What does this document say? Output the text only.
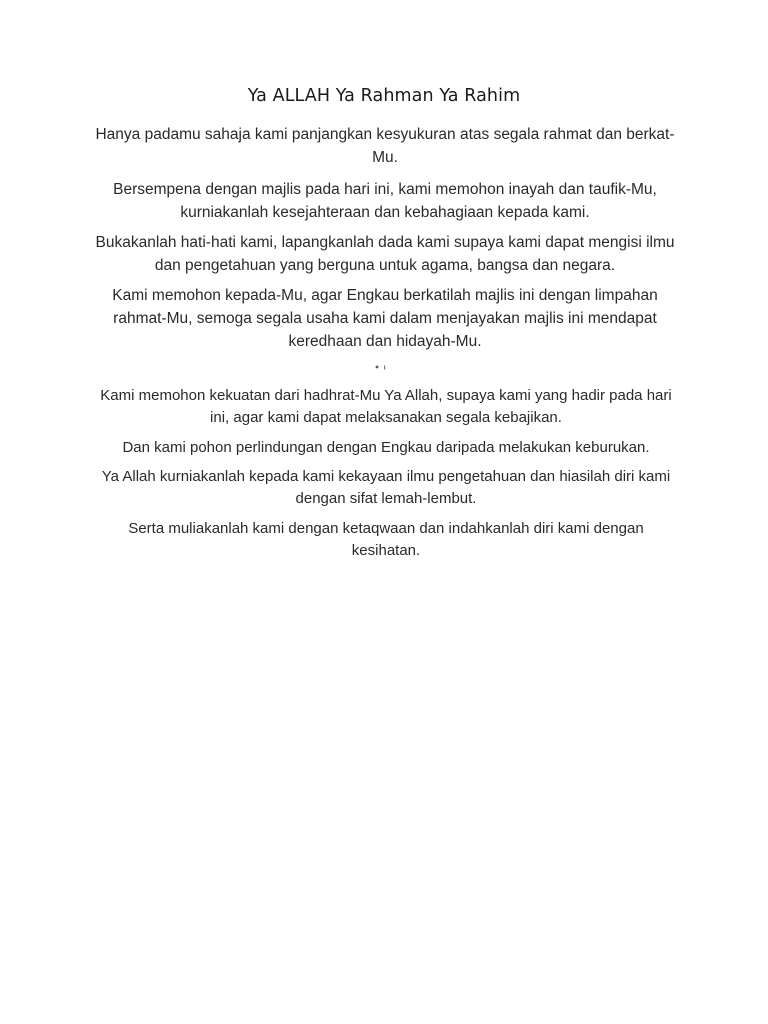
Ya ALLAH Ya Rahman Ya Rahim
Hanya padamu sahaja kami panjangkan kesyukuran atas segala rahmat dan berkat-Mu.
Bersempena dengan majlis pada hari ini, kami memohon inayah dan taufik-Mu, kurniakanlah kesejahteraan dan kebahagiaan kepada kami.
Bukakanlah hati-hati kami, lapangkanlah dada kami supaya kami dapat mengisi ilmu dan pengetahuan yang berguna untuk agama, bangsa dan negara.
Kami memohon kepada-Mu, agar Engkau berkatilah majlis ini dengan limpahan rahmat-Mu, semoga segala usaha kami dalam menjayakan majlis ini mendapat keredhaan dan hidayah-Mu.
Kami memohon kekuatan dari hadhrat-Mu Ya Allah, supaya kami yang hadir pada hari ini, agar kami dapat melaksanakan segala kebajikan.
Dan kami pohon perlindungan dengan Engkau daripada melakukan keburukan.
Ya Allah kurniakanlah kepada kami kekayaan ilmu pengetahuan dan hiasilah diri kami dengan sifat lemah-lembut.
Serta muliakanlah kami dengan ketaqwaan dan indahkanlah diri kami dengan kesihatan.
